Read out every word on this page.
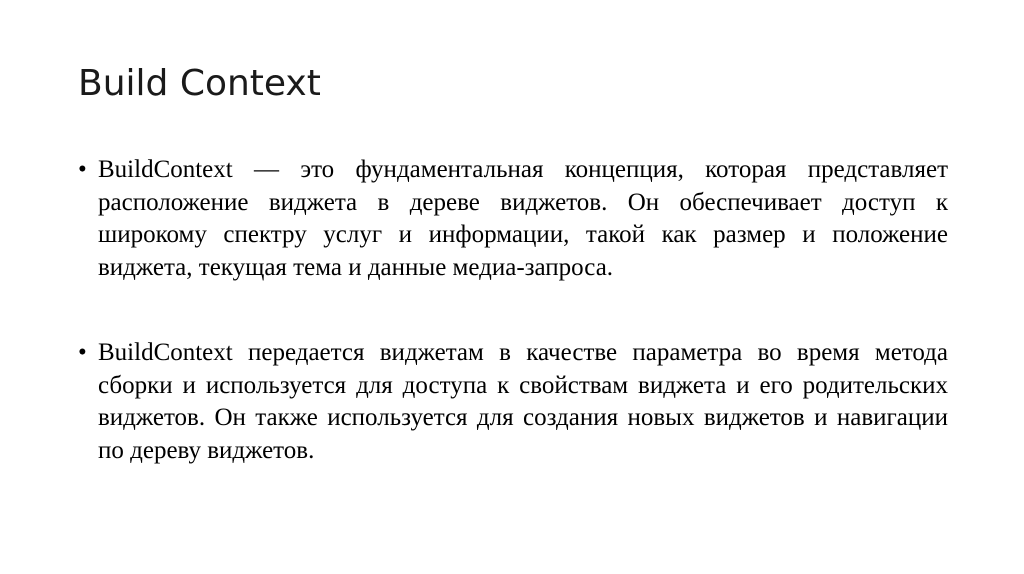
Build Context
• BuildContext — это фундаментальная концепция, которая представляет расположение виджета в дереве виджетов. Он обеспечивает доступ к широкому спектру услуг и информации, такой как размер и положение виджета, текущая тема и данные медиа-запроса.
• BuildContext передается виджетам в качестве параметра во время метода сборки и используется для доступа к свойствам виджета и его родительских виджетов. Он также используется для создания новых виджетов и навигации по дереву виджетов.
